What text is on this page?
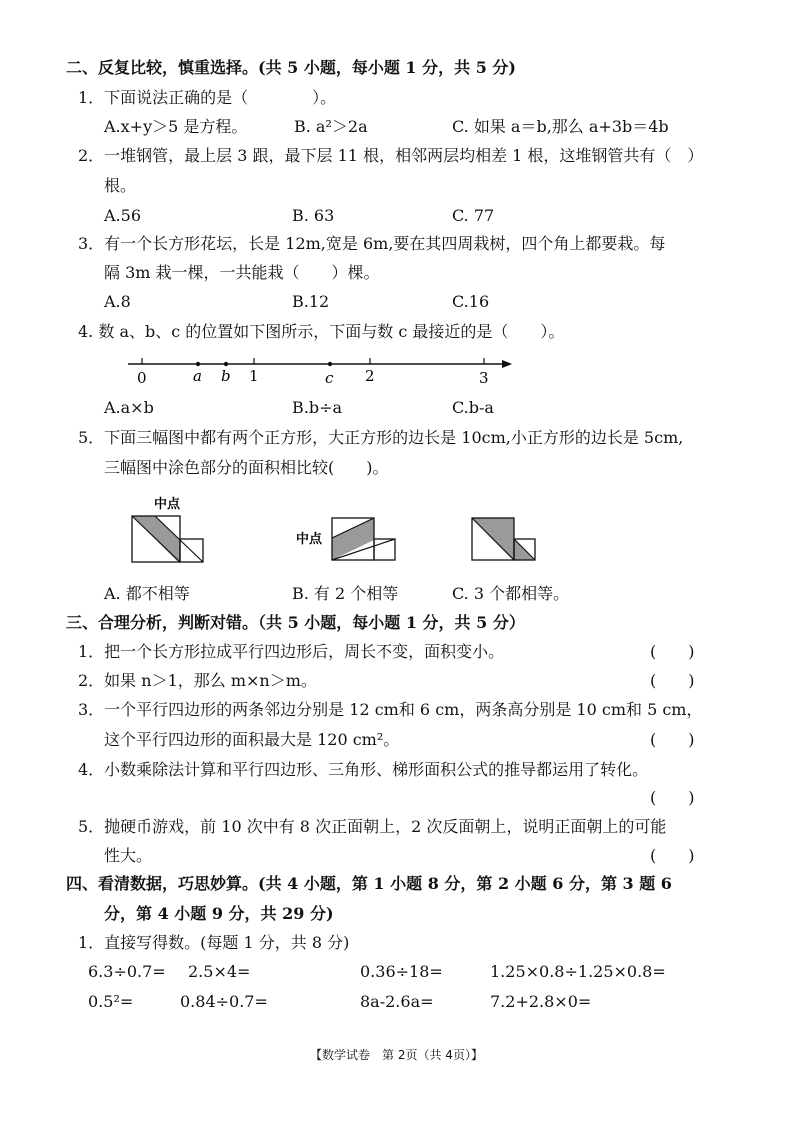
二、反复比较，慎重选择。(共 5 小题，每小题 1 分，共 5 分)
1．下面说法正确的是（　　　　）。
A.x+y＞5 是方程。	B. a²＞2a	C. 如果 a＝b,那么 a+3b＝4b
2．一堆钢管，最上层 3 跟，最下层 11 根，相邻两层均相差 1 根，这堆钢管共有（　）
根。
A.56	B. 63	C. 77
3．有一个长方形花坛，长是 12m,宽是 6m,要在其四周栽树，四个角上都要栽。每
隔 3m 栽一棵，一共能栽（　　）棵。
A.8	B.12	C.16
4. 数 a、b、c 的位置如下图所示，下面与数 c 最接近的是（　　）。
0	1	2	3
a b	c
A.a×b	B.b÷a	C.b-a
5．下面三幅图中都有两个正方形，大正方形的边长是 10cm,小正方形的边长是 5cm,
三幅图中涂色部分的面积相比较(　　)。
中点
中点
A. 都不相等	B. 有 2 个相等	C. 3 个都相等。
三、合理分析，判断对错。（共 5 小题，每小题 1 分，共 5 分）
1．把一个长方形拉成平行四边形后，周长不变，面积变小。	(　　)
2．如果 n＞1，那么 m×n＞m。	(　　)
3．一个平行四边形的两条邻边分别是 12 cm和 6 cm，两条高分别是 10 cm和 5 cm，
这个平行四边形的面积最大是 120 cm²。	(　　)
4．小数乘除法计算和平行四边形、三角形、梯形面积公式的推导都运用了转化。
(　　)
5．抛硬币游戏，前 10 次中有 8 次正面朝上，2 次反面朝上，说明正面朝上的可能
性大。	(　　)
四、看清数据，巧思妙算。(共 4 小题，第 1 小题 8 分，第 2 小题 6 分，第 3 题 6
分，第 4 小题 9 分，共 29 分)
1．直接写得数。(每题 1 分，共 8 分)
6.3÷0.7= 2.5×4=	0.36÷18=	1.25×0.8÷1.25×0.8=
0.5²=	0.84÷0.7=	8a-2.6a=	7.2+2.8×0=
【数学试卷　第 2页（共 4页）】
